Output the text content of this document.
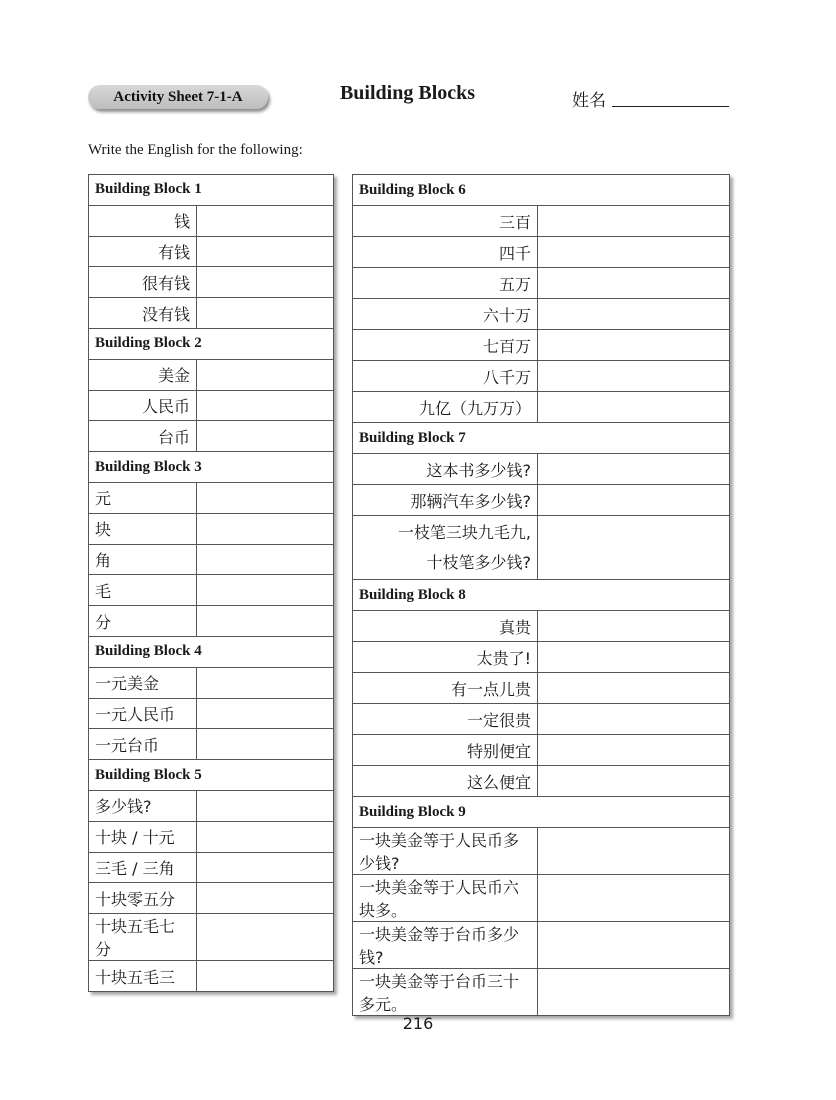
Activity Sheet 7-1-A	Building Blocks	姓名
Write the English for the following:
Building Block 1	
钱	
有钱	
很有钱	
没有钱	
Building Block 2	
美金	
人民币	
台币	
Building Block 3	
元	
块	
角	
毛	
分	
Building Block 4	
一元美金	
一元人民币	
一元台币	
Building Block 5	
多少钱?	
十块 / 十元	
三毛 / 三角	
十块零五分	
十块五毛七分	
十块五毛三	
Building Block 6	
三百	
四千	
五万	
六十万	
七百万	
八千万	
九亿（九万万）	
Building Block 7	
这本书多少钱?	
那辆汽车多少钱?	
一枝笔三块九毛九,
十枝笔多少钱?	
Building Block 8	
真贵	
太贵了!	
有一点儿贵	
一定很贵	
特别便宜	
这么便宜	
Building Block 9	
一块美金等于人民币多少钱?	
一块美金等于人民币六块多。	
一块美金等于台币多少钱?	
一块美金等于台币三十多元。	
216
